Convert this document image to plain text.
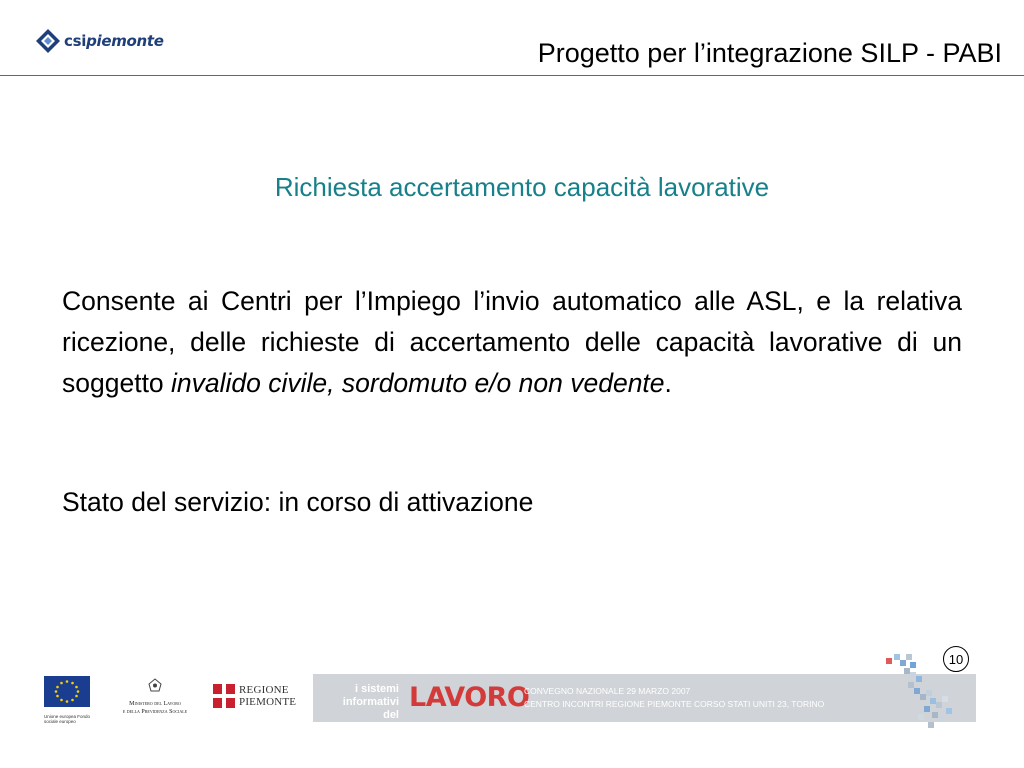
csipiemonte	Progetto per l’integrazione SILP - PABI
Richiesta accertamento capacità lavorative

Consente ai Centri per l’Impiego l’invio automatico alle ASL, e la relativa ricezione, delle richieste di accertamento delle capacità lavorative di un soggetto invalido civile, sordomuto e/o non vedente.

Stato del servizio: in corso di attivazione
10
Unione europea Fondo sociale europeo
Ministero del Lavoro
e della Previdenza Sociale
REGIONE
PIEMONTE
i sistemi
informativi del
LAVORO
CONVEGNO NAZIONALE 29 MARZO 2007
CENTRO INCONTRI REGIONE PIEMONTE CORSO STATI UNITI 23, TORINO
